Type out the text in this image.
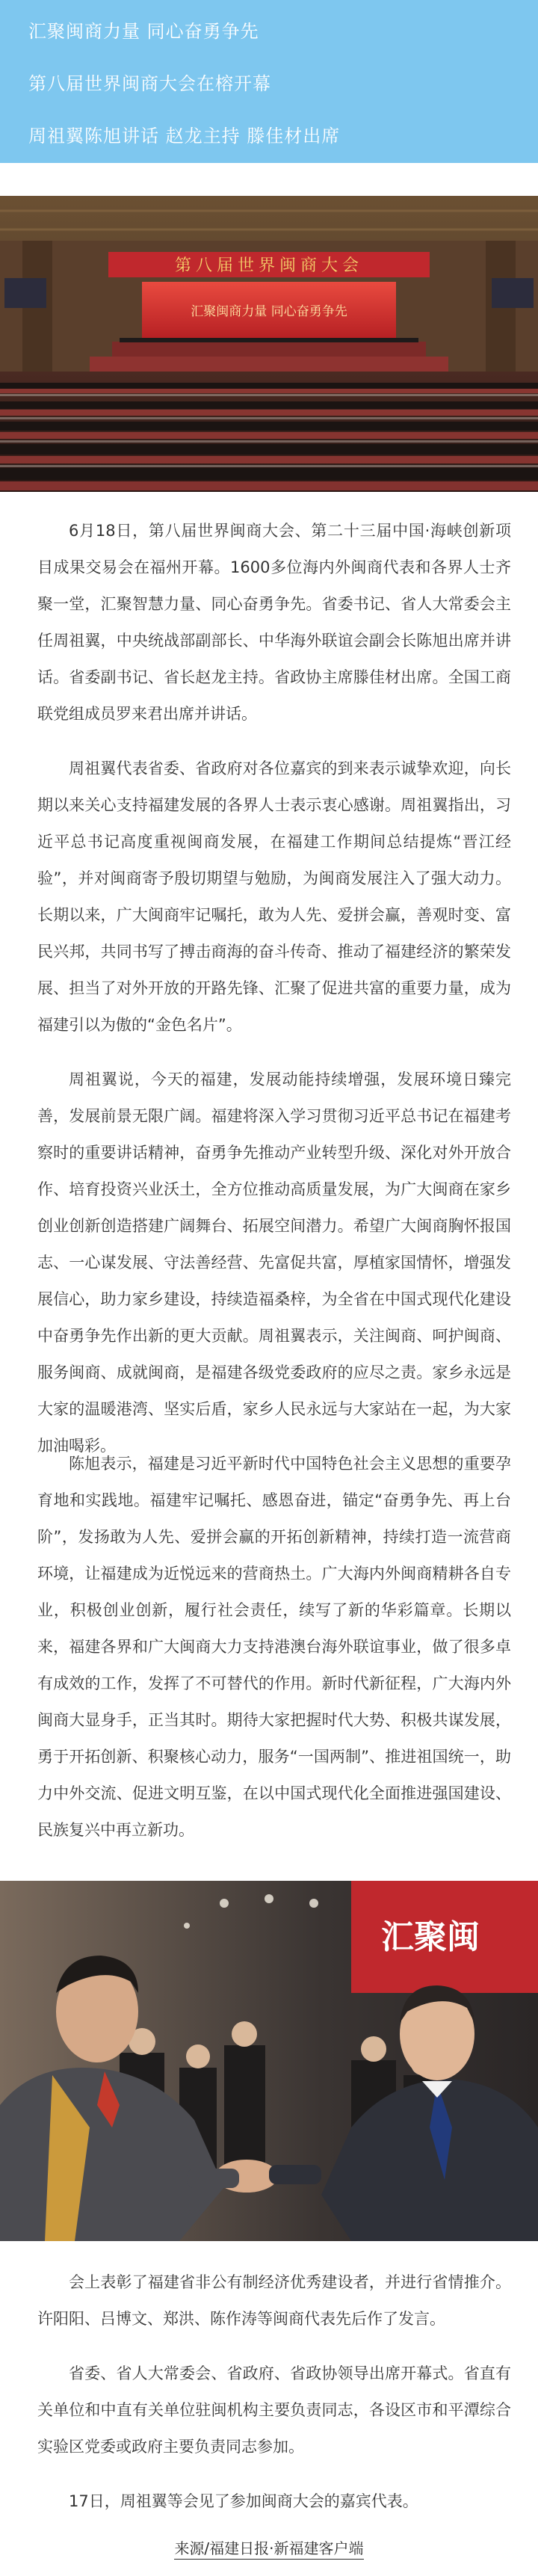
汇聚闽商力量 同心奋勇争先
第八届世界闽商大会在榕开幕
周祖翼陈旭讲话 赵龙主持 滕佳材出席
第八届世界闽商大会
汇聚闽商力量 同心奋勇争先

6月18日，第八届世界闽商大会、第二十三届中国·海峡创新项目成果交易会在福州开幕。1600多位海内外闽商代表和各界人士齐聚一堂，汇聚智慧力量、同心奋勇争先。省委书记、省人大常委会主任周祖翼，中央统战部副部长、中华海外联谊会副会长陈旭出席并讲话。省委副书记、省长赵龙主持。省政协主席滕佳材出席。全国工商联党组成员罗来君出席并讲话。

周祖翼代表省委、省政府对各位嘉宾的到来表示诚挚欢迎，向长期以来关心支持福建发展的各界人士表示衷心感谢。周祖翼指出，习近平总书记高度重视闽商发展，在福建工作期间总结提炼“晋江经验”，并对闽商寄予殷切期望与勉励，为闽商发展注入了强大动力。长期以来，广大闽商牢记嘱托，敢为人先、爱拼会赢，善观时变、富民兴邦，共同书写了搏击商海的奋斗传奇、推动了福建经济的繁荣发展、担当了对外开放的开路先锋、汇聚了促进共富的重要力量，成为福建引以为傲的“金色名片”。

周祖翼说，今天的福建，发展动能持续增强，发展环境日臻完善，发展前景无限广阔。福建将深入学习贯彻习近平总书记在福建考察时的重要讲话精神，奋勇争先推动产业转型升级、深化对外开放合作、培育投资兴业沃土，全方位推动高质量发展，为广大闽商在家乡创业创新创造搭建广阔舞台、拓展空间潜力。希望广大闽商胸怀报国志、一心谋发展、守法善经营、先富促共富，厚植家国情怀，增强发展信心，助力家乡建设，持续造福桑梓，为全省在中国式现代化建设中奋勇争先作出新的更大贡献。周祖翼表示，关注闽商、呵护闽商、服务闽商、成就闽商，是福建各级党委政府的应尽之责。家乡永远是大家的温暖港湾、坚实后盾，家乡人民永远与大家站在一起，为大家加油喝彩。

陈旭表示，福建是习近平新时代中国特色社会主义思想的重要孕育地和实践地。福建牢记嘱托、感恩奋进，锚定“奋勇争先、再上台阶”，发扬敢为人先、爱拼会赢的开拓创新精神，持续打造一流营商环境，让福建成为近悦远来的营商热土。广大海内外闽商精耕各自专业，积极创业创新，履行社会责任，续写了新的华彩篇章。长期以来，福建各界和广大闽商大力支持港澳台海外联谊事业，做了很多卓有成效的工作，发挥了不可替代的作用。新时代新征程，广大海内外闽商大显身手，正当其时。期待大家把握时代大势、积极共谋发展，勇于开拓创新、积聚核心动力，服务“一国两制”、推进祖国统一，助力中外交流、促进文明互鉴，在以中国式现代化全面推进强国建设、民族复兴中再立新功。

汇聚闽

会上表彰了福建省非公有制经济优秀建设者，并进行省情推介。许阳阳、吕博文、郑洪、陈作涛等闽商代表先后作了发言。

省委、省人大常委会、省政府、省政协领导出席开幕式。省直有关单位和中直有关单位驻闽机构主要负责同志，各设区市和平潭综合实验区党委或政府主要负责同志参加。

17日，周祖翼等会见了参加闽商大会的嘉宾代表。

来源/福建日报·新福建客户端
